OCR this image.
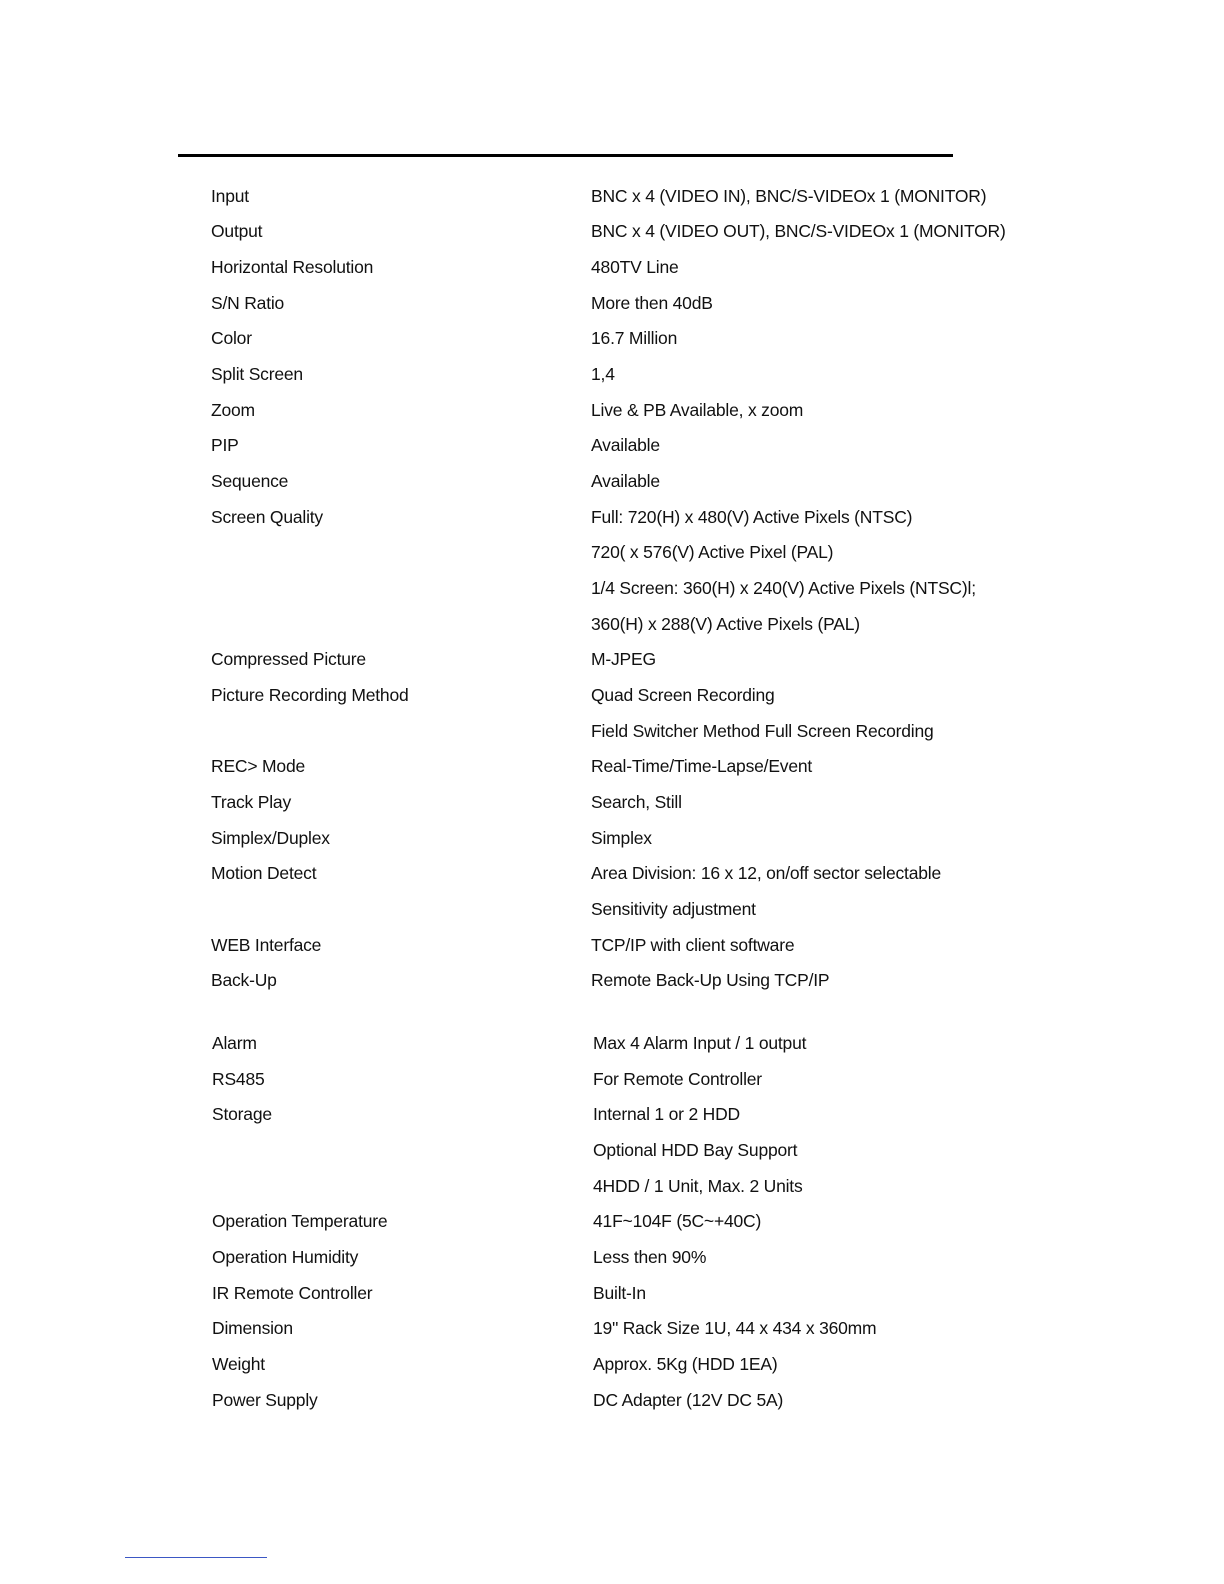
Input	BNC x 4 (VIDEO IN), BNC/S-VIDEOx 1 (MONITOR)
Output	BNC x 4 (VIDEO OUT), BNC/S-VIDEOx 1 (MONITOR)
Horizontal Resolution	480TV Line
S/N Ratio	More then 40dB
Color	16.7 Million
Split Screen	1,4
Zoom	Live & PB Available, x zoom
PIP	Available
Sequence	Available
Screen Quality	Full: 720(H) x 480(V) Active Pixels (NTSC)
720( x 576(V) Active Pixel (PAL)
1/4 Screen: 360(H) x 240(V) Active Pixels (NTSC)l;
360(H) x 288(V) Active Pixels (PAL)
Compressed Picture	M-JPEG
Picture Recording Method	Quad Screen Recording
Field Switcher Method Full Screen Recording
REC> Mode	Real-Time/Time-Lapse/Event
Track Play	Search, Still
Simplex/Duplex	Simplex
Motion Detect	Area Division: 16 x 12, on/off sector selectable
Sensitivity adjustment
WEB Interface	TCP/IP with client software
Back-Up	Remote Back-Up Using TCP/IP
Alarm	Max 4 Alarm Input / 1 output
RS485	For Remote Controller
Storage	Internal 1 or 2 HDD
Optional HDD Bay Support
4HDD / 1 Unit, Max. 2 Units
Operation Temperature	41F~104F (5C~+40C)
Operation Humidity	Less then 90%
IR Remote Controller	Built-In
Dimension	19" Rack Size 1U, 44 x 434 x 360mm
Weight	Approx. 5Kg (HDD 1EA)
Power Supply	DC Adapter (12V DC 5A)
